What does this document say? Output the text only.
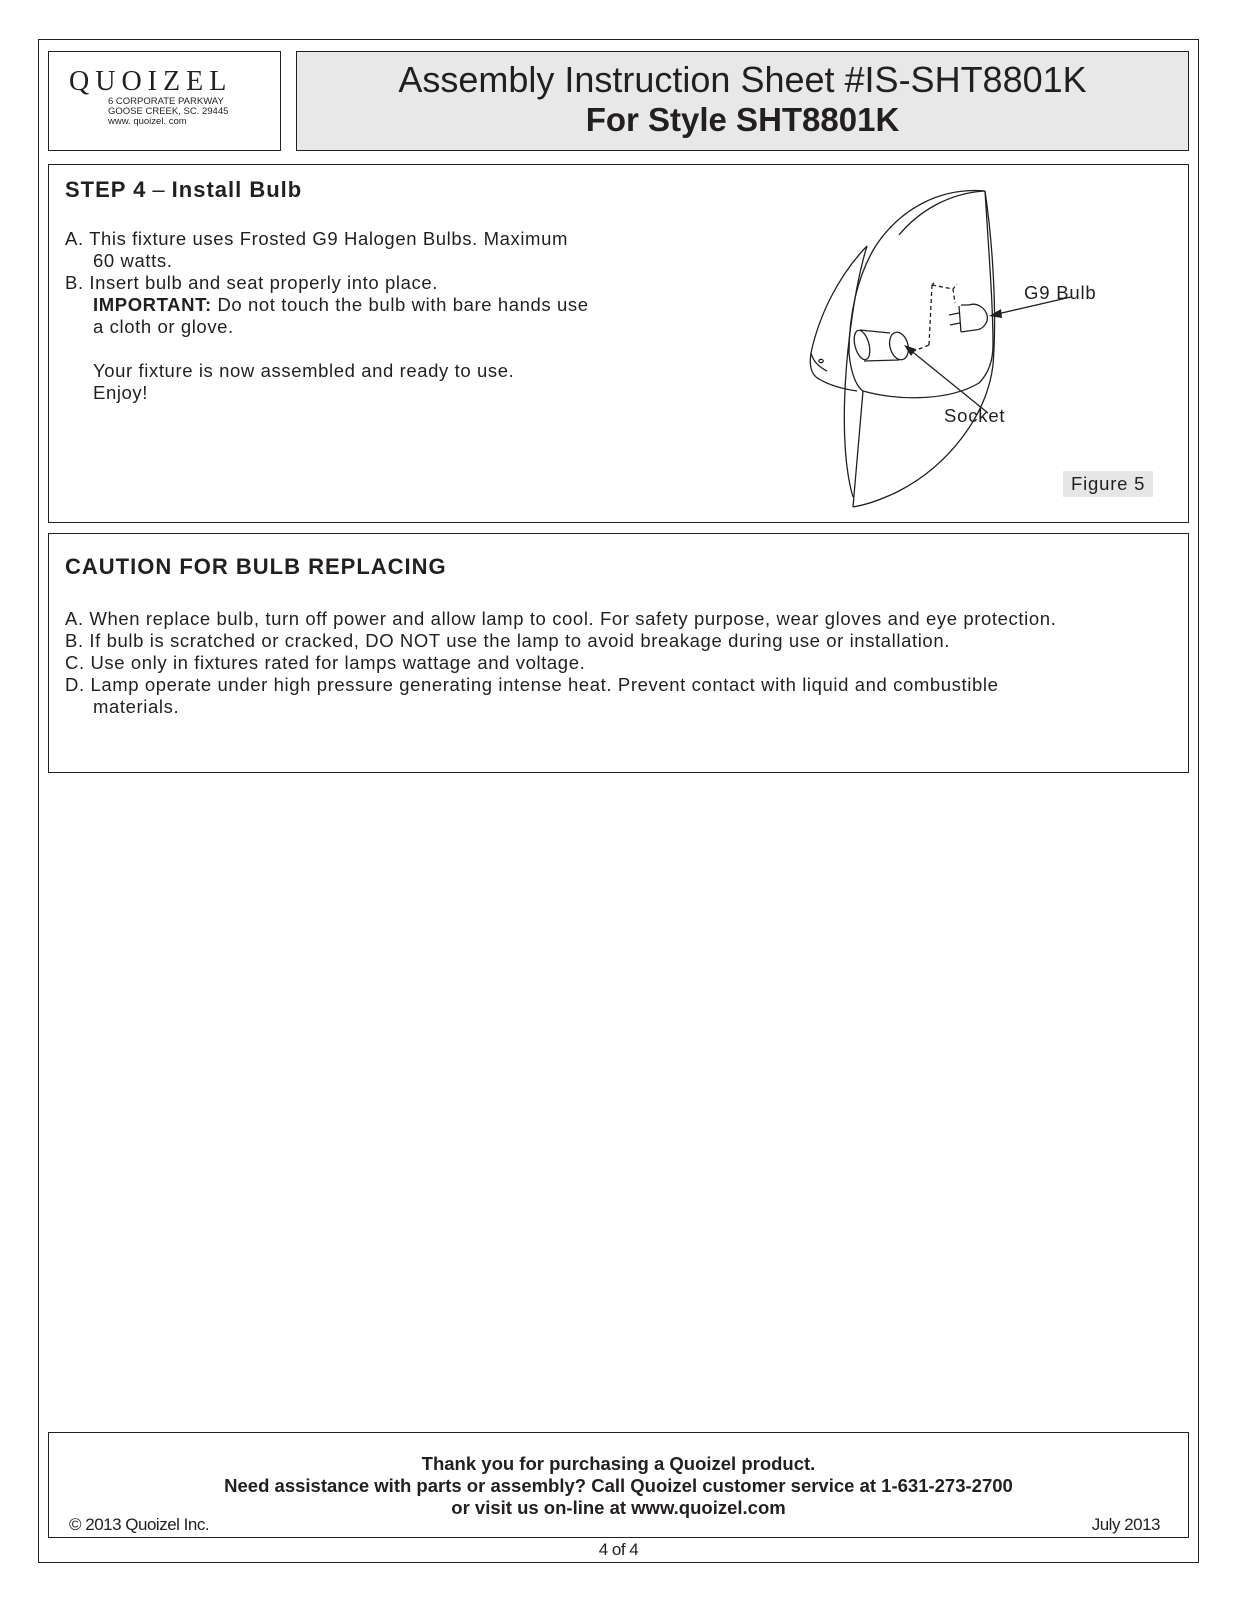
QUOIZEL
6 CORPORATE PARKWAY
GOOSE CREEK, SC. 29445
www. quoizel. com
Assembly Instruction Sheet #IS-SHT8801K
For Style SHT8801K
STEP 4 – Install Bulb
A. This fixture uses Frosted G9 Halogen Bulbs. Maximum
60 watts.
B. Insert bulb and seat properly into place.
IMPORTANT: Do not touch the bulb with bare hands use
a cloth or glove.
Your fixture is now assembled and ready to use.
Enjoy!
G9 Bulb
Socket
Figure 5
CAUTION FOR BULB REPLACING
A. When replace bulb, turn off power and allow lamp to cool. For safety purpose, wear gloves and eye protection.
B. If bulb is scratched or cracked, DO NOT use the lamp to avoid breakage during use or installation.
C. Use only in fixtures rated for lamps wattage and voltage.
D. Lamp operate under high pressure generating intense heat. Prevent contact with liquid and combustible
materials.
Thank you for purchasing a Quoizel product.
Need assistance with parts or assembly? Call Quoizel customer service at 1-631-273-2700
or visit us on-line at www.quoizel.com
© 2013 Quoizel Inc.	July 2013
4 of 4
